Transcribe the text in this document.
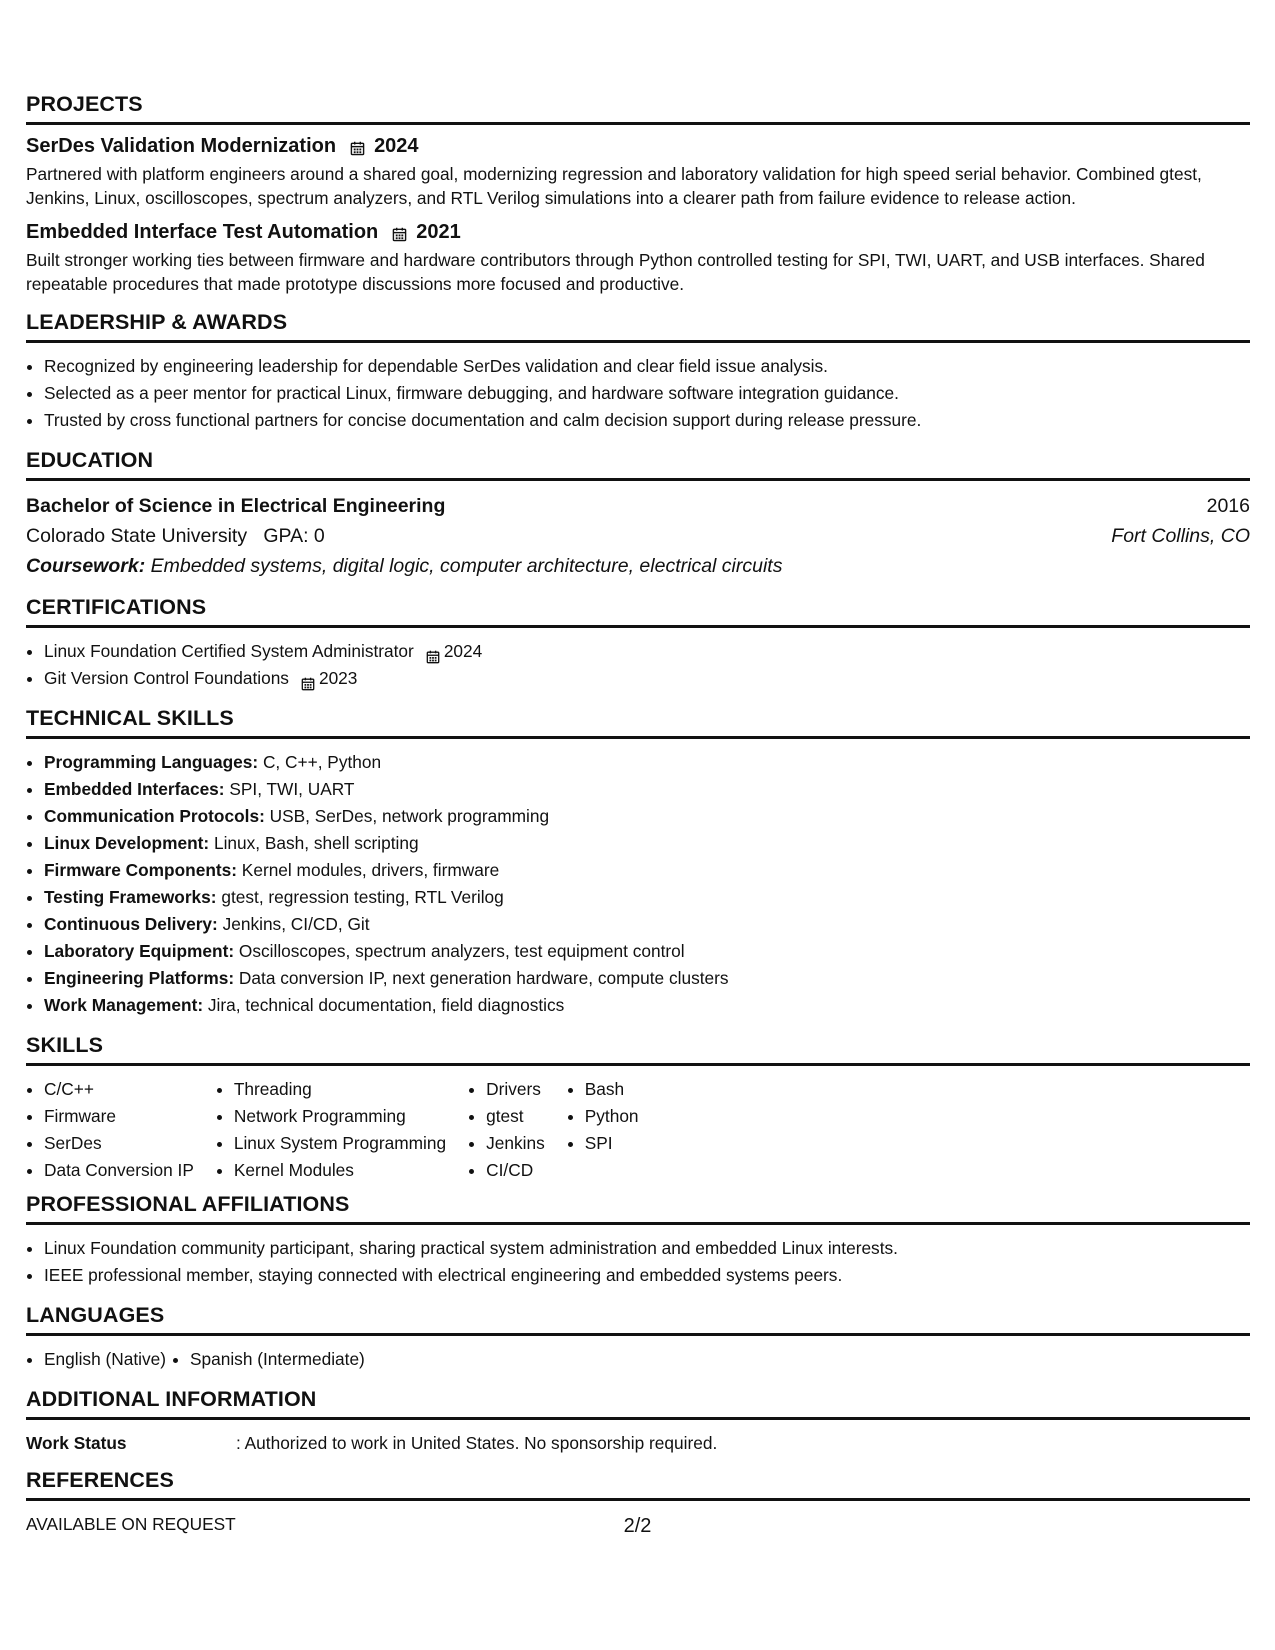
PROJECTS
SerDes Validation Modernization 2024
Partnered with platform engineers around a shared goal, modernizing regression and laboratory validation for high speed serial behavior. Combined gtest, Jenkins, Linux, oscilloscopes, spectrum analyzers, and RTL Verilog simulations into a clearer path from failure evidence to release action.
Embedded Interface Test Automation 2021
Built stronger working ties between firmware and hardware contributors through Python controlled testing for SPI, TWI, UART, and USB interfaces. Shared repeatable procedures that made prototype discussions more focused and productive.
LEADERSHIP & AWARDS
• Recognized by engineering leadership for dependable SerDes validation and clear field issue analysis.
• Selected as a peer mentor for practical Linux, firmware debugging, and hardware software integration guidance.
• Trusted by cross functional partners for concise documentation and calm decision support during release pressure.
EDUCATION
Bachelor of Science in Electrical Engineering	2016
Colorado State University   GPA: 0	Fort Collins, CO
Coursework: Embedded systems, digital logic, computer architecture, electrical circuits
CERTIFICATIONS
• Linux Foundation Certified System Administrator 2024
• Git Version Control Foundations 2023
TECHNICAL SKILLS
• Programming Languages: C, C++, Python
• Embedded Interfaces: SPI, TWI, UART
• Communication Protocols: USB, SerDes, network programming
• Linux Development: Linux, Bash, shell scripting
• Firmware Components: Kernel modules, drivers, firmware
• Testing Frameworks: gtest, regression testing, RTL Verilog
• Continuous Delivery: Jenkins, CI/CD, Git
• Laboratory Equipment: Oscilloscopes, spectrum analyzers, test equipment control
• Engineering Platforms: Data conversion IP, next generation hardware, compute clusters
• Work Management: Jira, technical documentation, field diagnostics
SKILLS
• C/C++
• Firmware
• SerDes
• Data Conversion IP
• Threading
• Network Programming
• Linux System Programming
• Kernel Modules
• Drivers
• gtest
• Jenkins
• CI/CD
• Bash
• Python
• SPI
PROFESSIONAL AFFILIATIONS
• Linux Foundation community participant, sharing practical system administration and embedded Linux interests.
• IEEE professional member, staying connected with electrical engineering and embedded systems peers.
LANGUAGES
• English (Native)
• Spanish (Intermediate)
ADDITIONAL INFORMATION
Work Status	: Authorized to work in United States. No sponsorship required.
REFERENCES
AVAILABLE ON REQUEST	2/2
